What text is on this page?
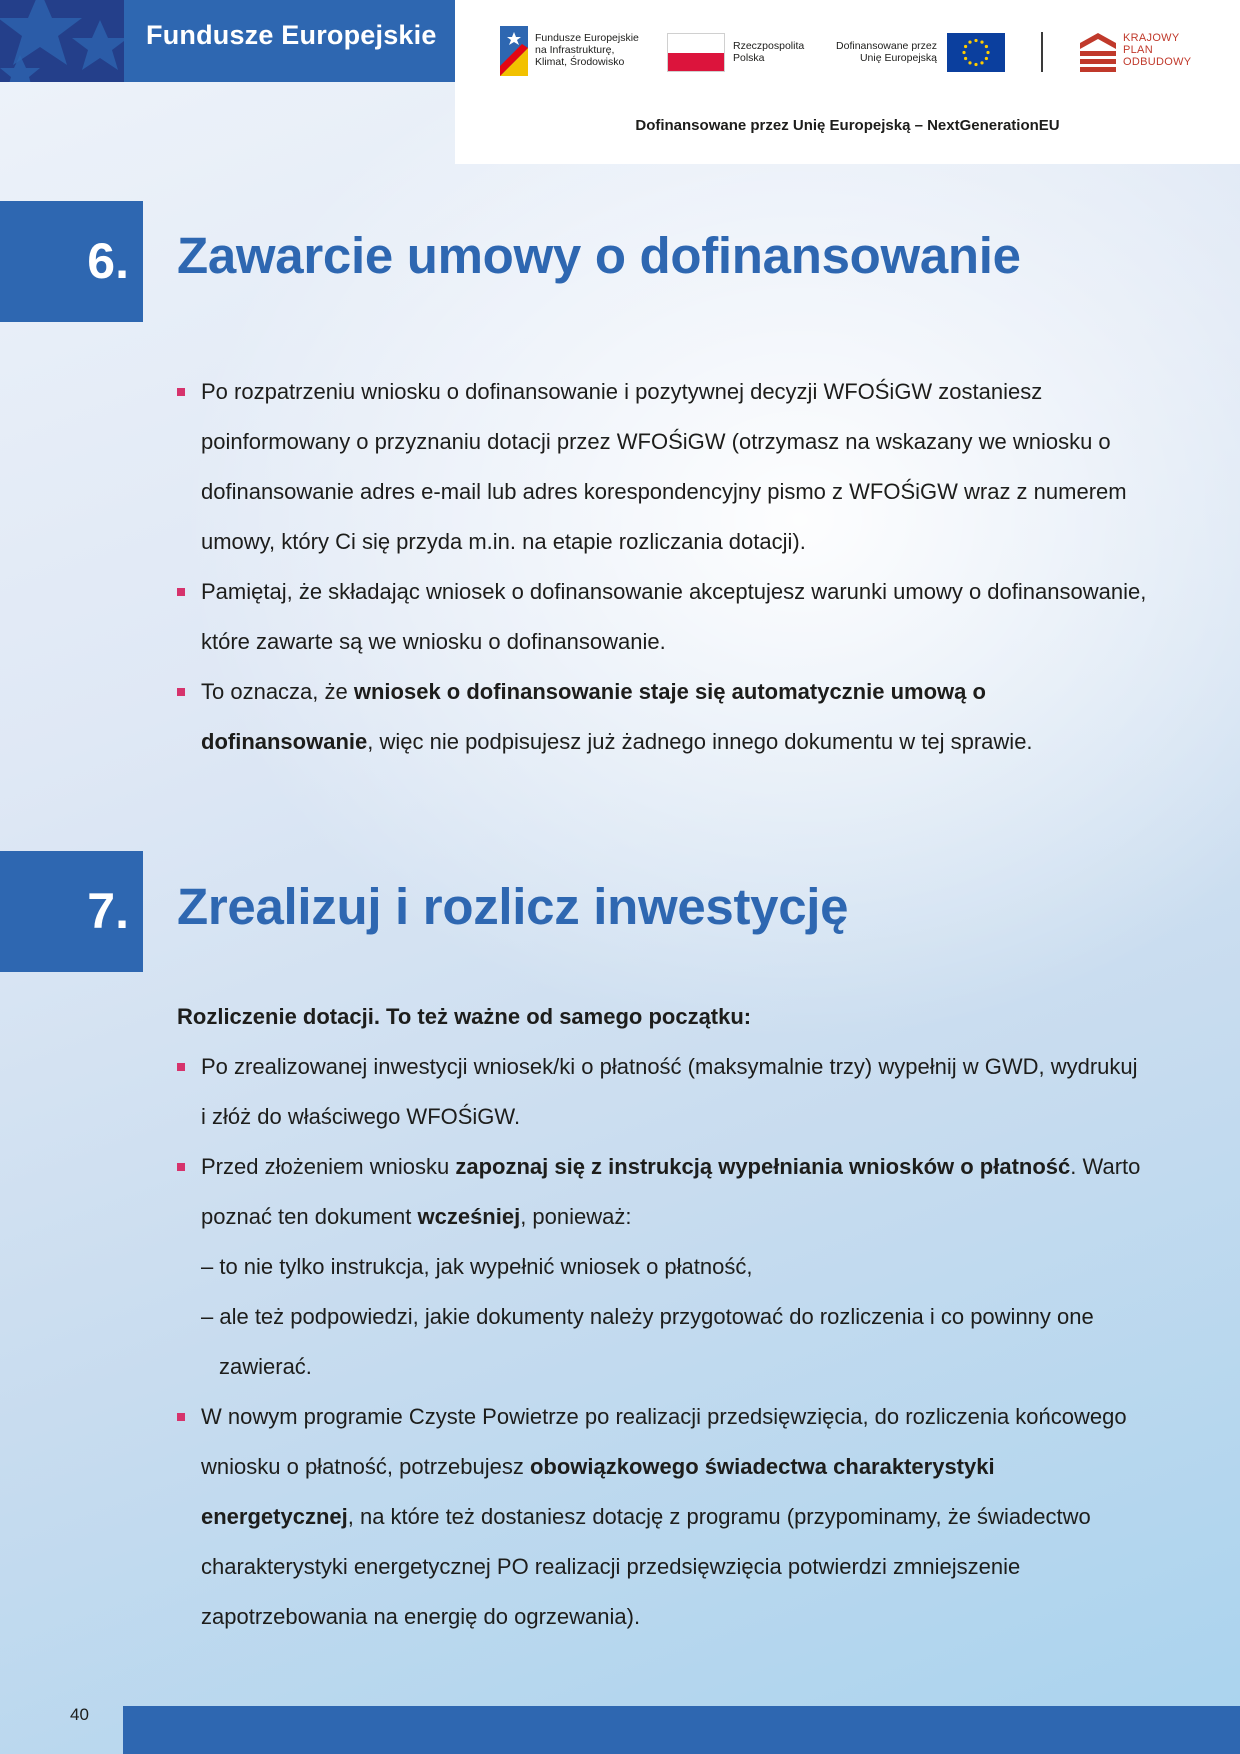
Fundusze Europejskie	Fundusze Europejskie
na Infrastrukturę,
Klimat, Środowisko
Rzeczpospolita
Polska
Dofinansowane przez
Unię Europejską
KRAJOWY
PLAN
ODBUDOWY
Dofinansowane przez Unię Europejską – NextGenerationEU
6. Zawarcie umowy o dofinansowanie
Po rozpatrzeniu wniosku o dofinansowanie i pozytywnej decyzji WFOŚiGW zostaniesz poinformowany o przyznaniu dotacji przez WFOŚiGW (otrzymasz na wskazany we wniosku o dofinansowanie adres e-mail lub adres korespondencyjny pismo z WFOŚiGW wraz z numerem umowy, który Ci się przyda m.in. na etapie rozliczania dotacji).
Pamiętaj, że składając wniosek o dofinansowanie akceptujesz warunki umowy o dofinansowanie, które zawarte są we wniosku o dofinansowanie.
To oznacza, że wniosek o dofinansowanie staje się automatycznie umową o dofinansowanie, więc nie podpisujesz już żadnego innego dokumentu w tej sprawie.
7. Zrealizuj i rozlicz inwestycję
Rozliczenie dotacji. To też ważne od samego początku:
Po zrealizowanej inwestycji wniosek/ki o płatność (maksymalnie trzy) wypełnij w GWD, wydrukuj i złóż do właściwego WFOŚiGW.
Przed złożeniem wniosku zapoznaj się z instrukcją wypełniania wniosków o płatność. Warto poznać ten dokument wcześniej, ponieważ:
– to nie tylko instrukcja, jak wypełnić wniosek o płatność,
– ale też podpowiedzi, jakie dokumenty należy przygotować do rozliczenia i co powinny one zawierać.
W nowym programie Czyste Powietrze po realizacji przedsięwzięcia, do rozliczenia końcowego wniosku o płatność, potrzebujesz obowiązkowego świadectwa charakterystyki energetycznej, na które też dostaniesz dotację z programu (przypominamy, że świadectwo charakterystyki energetycznej PO realizacji przedsięwzięcia potwierdzi zmniejszenie zapotrzebowania na energię do ogrzewania).
40
